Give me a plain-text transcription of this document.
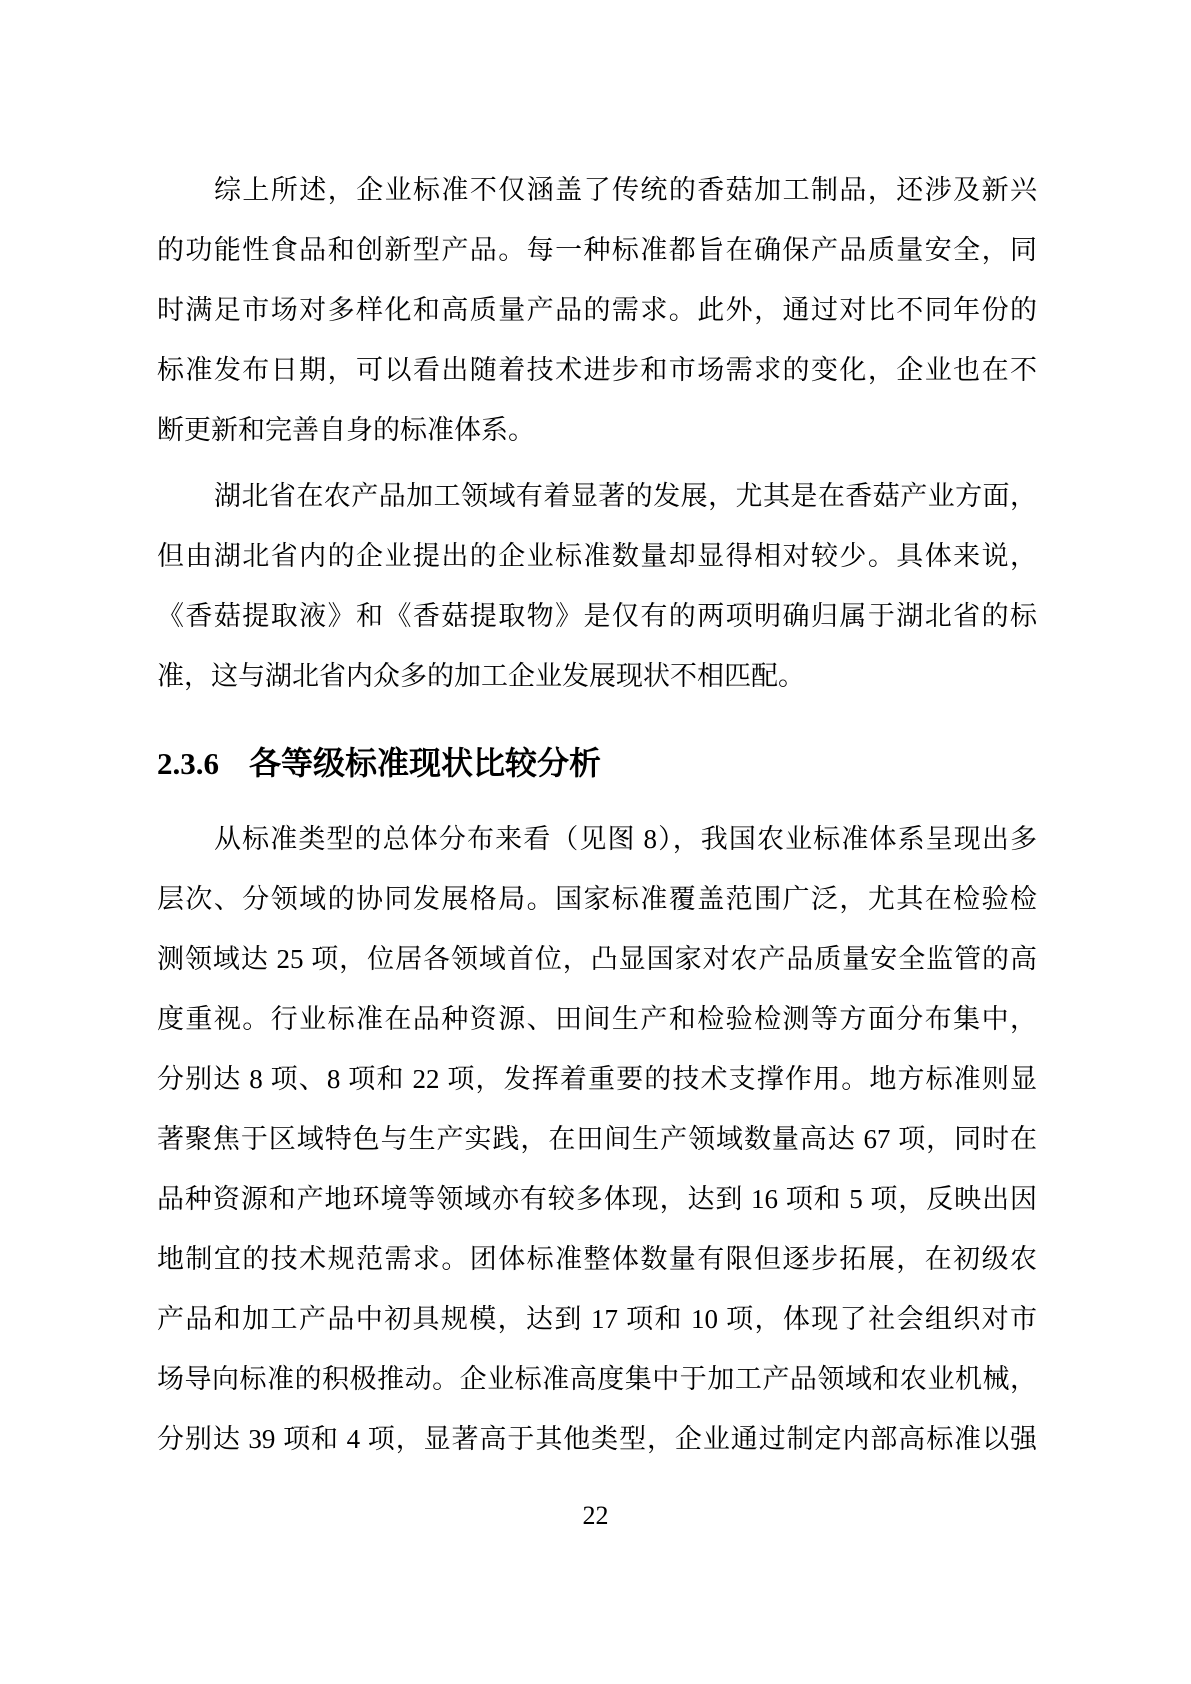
综上所述，企业标准不仅涵盖了传统的香菇加工制品，还涉及新兴
的功能性食品和创新型产品。每一种标准都旨在确保产品质量安全，同
时满足市场对多样化和高质量产品的需求。此外，通过对比不同年份的
标准发布日期，可以看出随着技术进步和市场需求的变化，企业也在不
断更新和完善自身的标准体系。
湖北省在农产品加工领域有着显著的发展，尤其是在香菇产业方面，
但由湖北省内的企业提出的企业标准数量却显得相对较少。具体来说，
《香菇提取液》和《香菇提取物》是仅有的两项明确归属于湖北省的标
准，这与湖北省内众多的加工企业发展现状不相匹配。
2.3.6 各等级标准现状比较分析
从标准类型的总体分布来看（见图 8），我国农业标准体系呈现出多
层次、分领域的协同发展格局。国家标准覆盖范围广泛，尤其在检验检
测领域达 25 项，位居各领域首位，凸显国家对农产品质量安全监管的高
度重视。行业标准在品种资源、田间生产和检验检测等方面分布集中，
分别达 8 项、8 项和 22 项，发挥着重要的技术支撑作用。地方标准则显
著聚焦于区域特色与生产实践，在田间生产领域数量高达 67 项，同时在
品种资源和产地环境等领域亦有较多体现，达到 16 项和 5 项，反映出因
地制宜的技术规范需求。团体标准整体数量有限但逐步拓展，在初级农
产品和加工产品中初具规模，达到 17 项和 10 项，体现了社会组织对市
场导向标准的积极推动。企业标准高度集中于加工产品领域和农业机械，
分别达 39 项和 4 项，显著高于其他类型，企业通过制定内部高标准以强
22
